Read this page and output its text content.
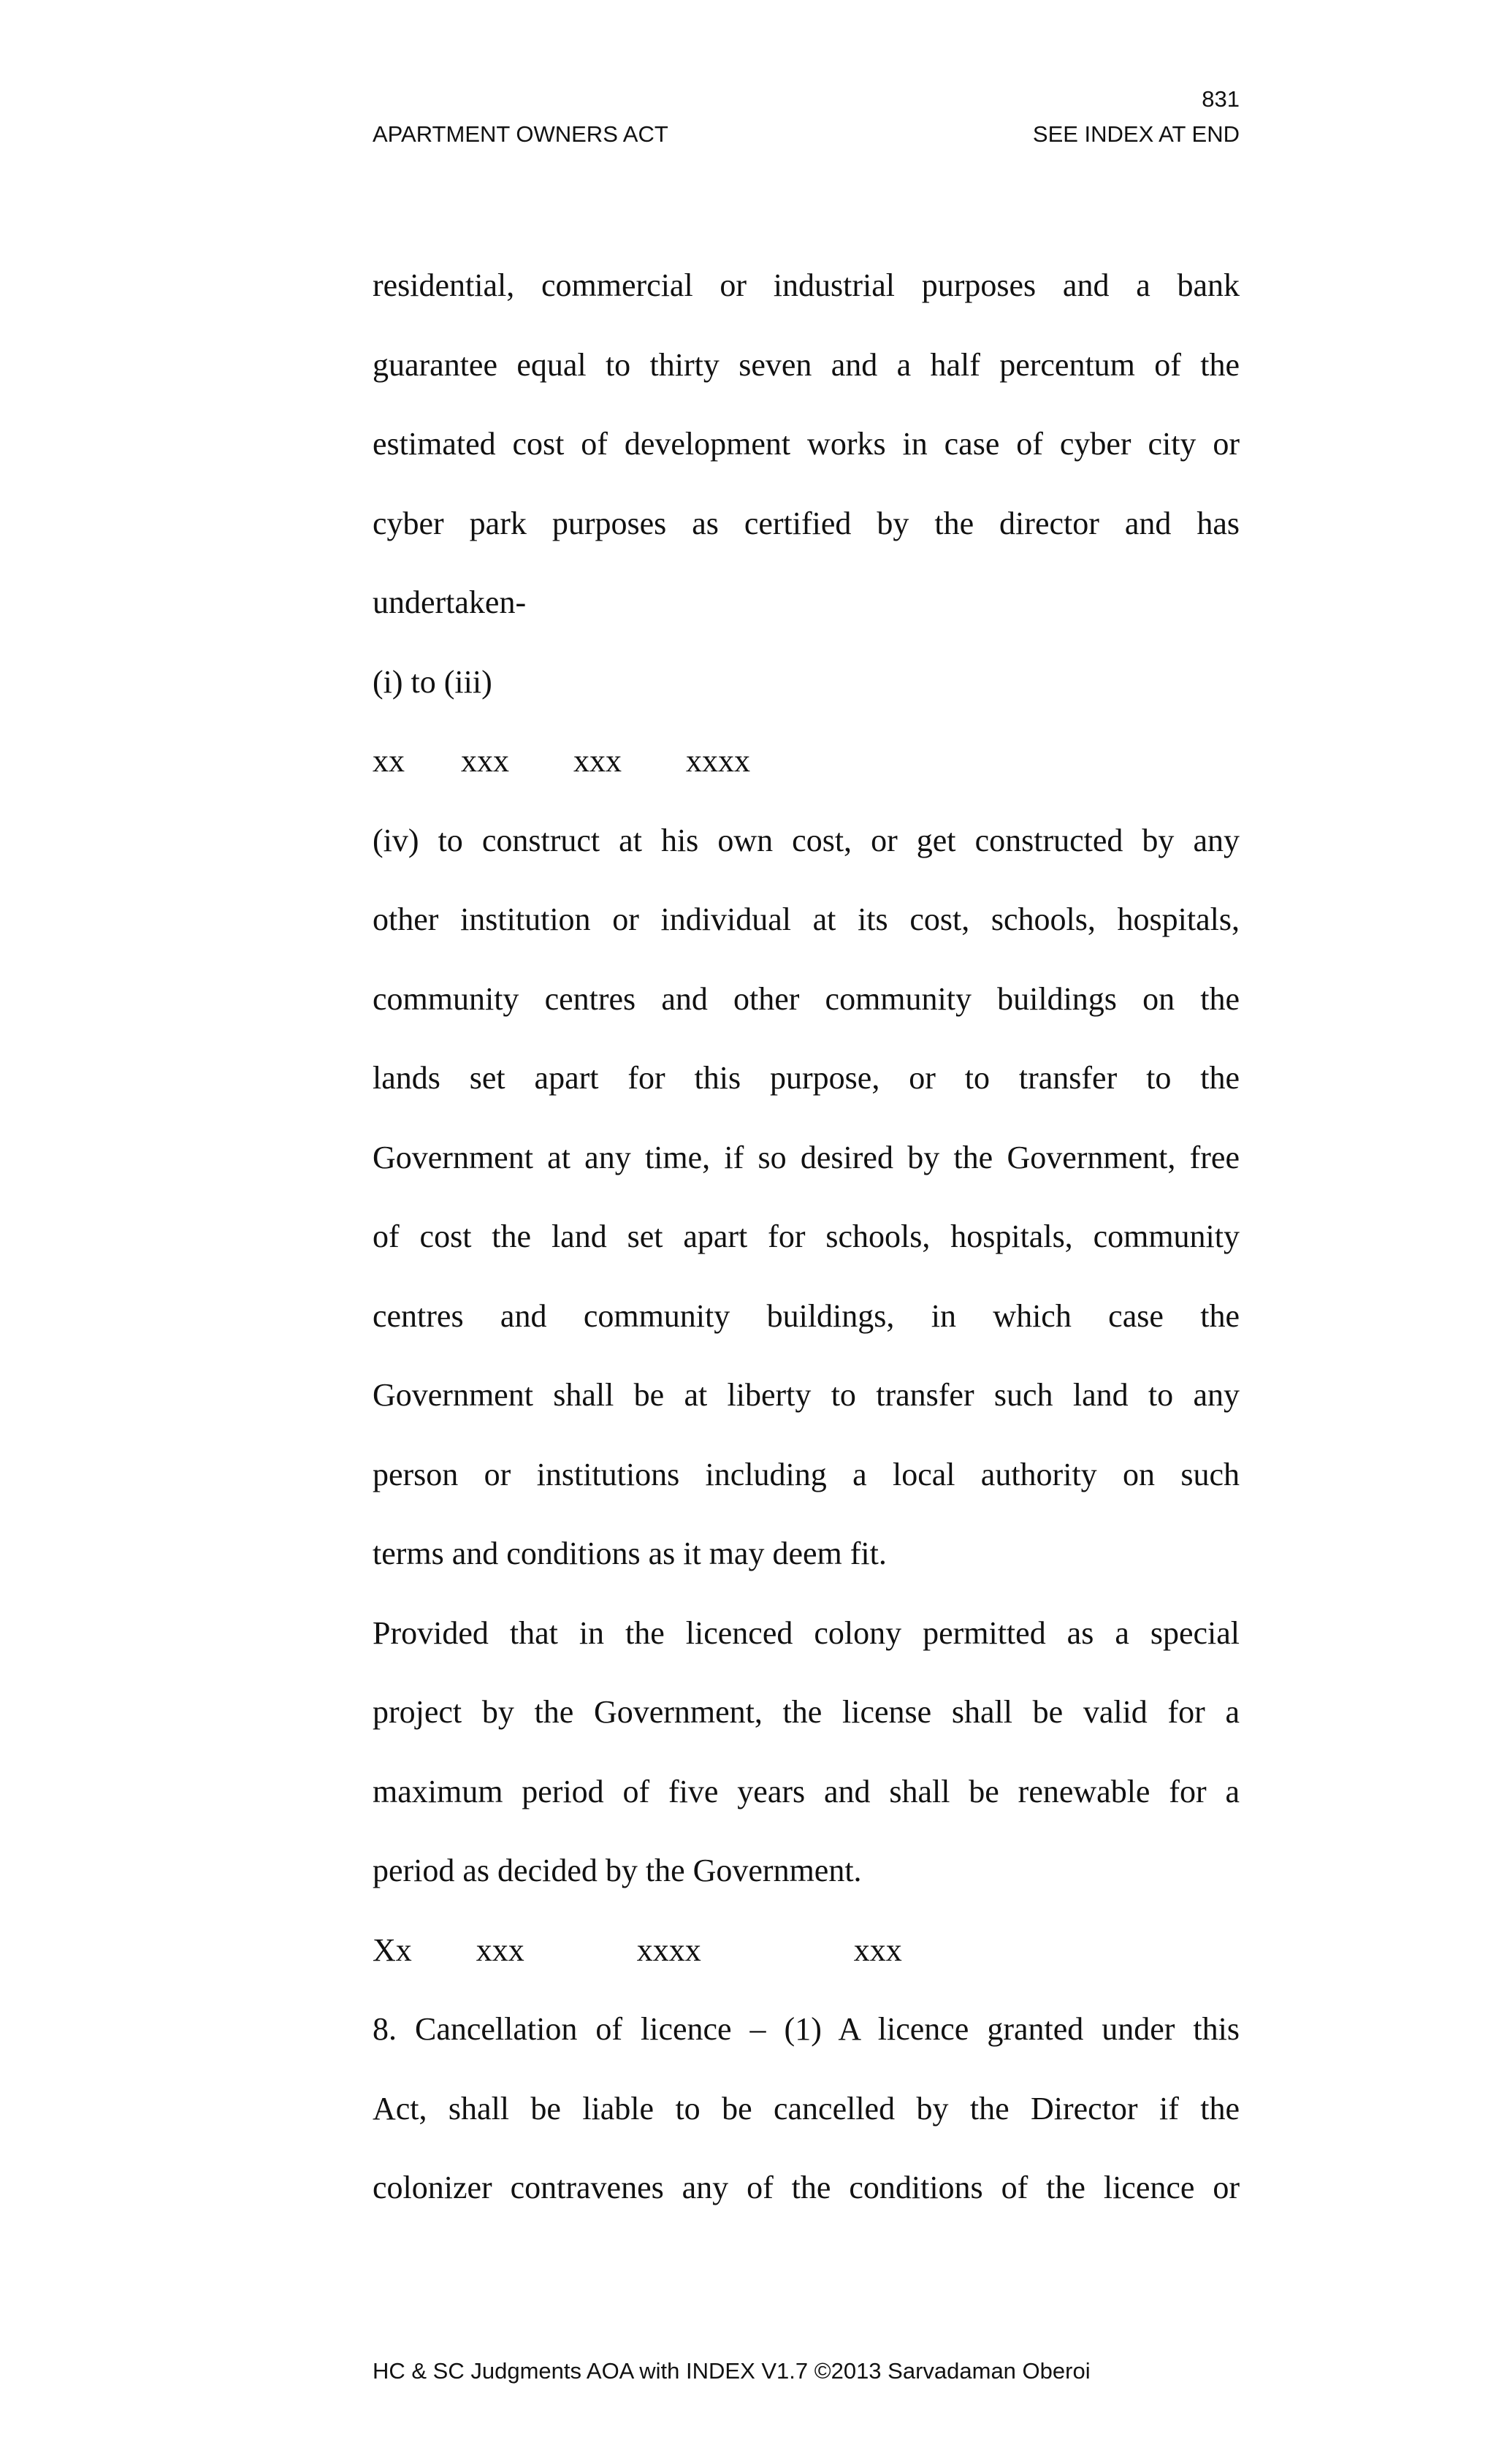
831
APARTMENT OWNERS ACT	SEE INDEX AT END
residential, commercial or industrial purposes and a bank
guarantee equal to thirty seven and a half percentum of the
estimated cost of development works in case of cyber city or
cyber park purposes as certified by the director and has
undertaken-
(i) to (iii)
xx       xxx        xxx        xxxx
(iv) to construct at his own cost, or get constructed by any
other institution or individual at its cost, schools, hospitals,
community centres and other community buildings on the
lands set apart for this purpose, or to transfer to the
Government at any time, if so desired by the Government, free
of cost the land set apart for schools, hospitals, community
centres and community buildings, in which case the
Government shall be at liberty to transfer such land to any
person or institutions including a local authority on such
terms and conditions as it may deem fit.
Provided that in the licenced colony permitted as a special
project by the Government, the license shall be valid for a
maximum period of five years and shall be renewable for a
period as decided by the Government.
Xx        xxx              xxxx                   xxx
8. Cancellation of licence – (1) A licence granted under this
Act, shall be liable to be cancelled by the Director if the
colonizer contravenes any of the conditions of the licence or
HC & SC Judgments AOA with INDEX V1.7 ©2013 Sarvadaman Oberoi
